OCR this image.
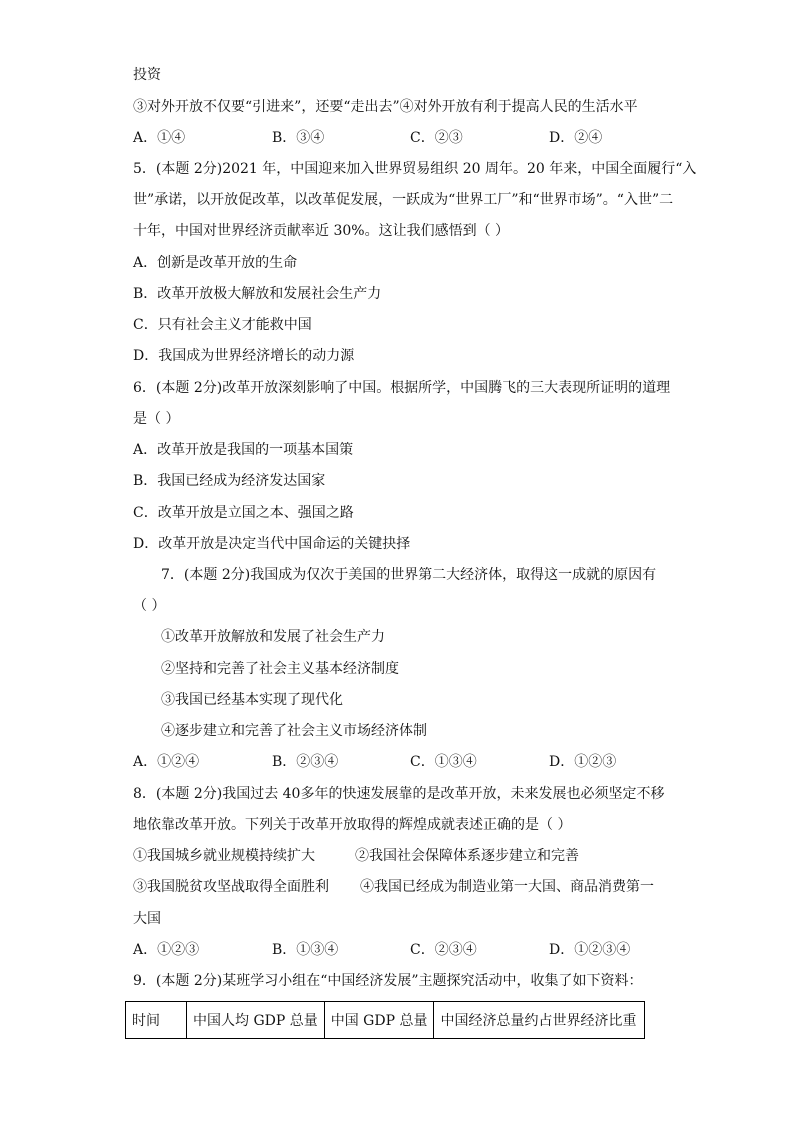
投资
③对外开放不仅要“引进来”，还要“走出去”④对外开放有利于提高人民的生活水平
A．①④	B．③④	C．②③	D．②④
5．(本题 2分)2021 年，中国迎来加入世界贸易组织 20 周年。20 年来，中国全面履行“入
世”承诺，以开放促改革，以改革促发展，一跃成为“世界工厂”和“世界市场”。“入世”二
十年，中国对世界经济贡献率近 30%。这让我们感悟到（ ）
A．创新是改革开放的生命
B．改革开放极大解放和发展社会生产力
C．只有社会主义才能救中国
D．我国成为世界经济增长的动力源
6．(本题 2分)改革开放深刻影响了中国。根据所学，中国腾飞的三大表现所证明的道理
是（ ）
A．改革开放是我国的一项基本国策
B．我国已经成为经济发达国家
C．改革开放是立国之本、强国之路
D．改革开放是决定当代中国命运的关键抉择
7．(本题 2分)我国成为仅次于美国的世界第二大经济体，取得这一成就的原因有
（ ）
①改革开放解放和发展了社会生产力
②坚持和完善了社会主义基本经济制度
③我国已经基本实现了现代化
④逐步建立和完善了社会主义市场经济体制
A．①②④	B．②③④	C．①③④	D．①②③
8．(本题 2分)我国过去 40多年的快速发展靠的是改革开放，未来发展也必须坚定不移
地依靠改革开放。下列关于改革开放取得的辉煌成就表述正确的是（ ）
①我国城乡就业规模持续扩大	②我国社会保障体系逐步建立和完善
③我国脱贫攻坚战取得全面胜利 ④我国已经成为制造业第一大国、商品消费第一
大国
A．①②③	B．①③④	C．②③④	D．①②③④
9．(本题 2分)某班学习小组在“中国经济发展”主题探究活动中，收集了如下资料：
时间	中国人均 GDP 总量	中国 GDP 总量	中国经济总量约占世界经济比重
